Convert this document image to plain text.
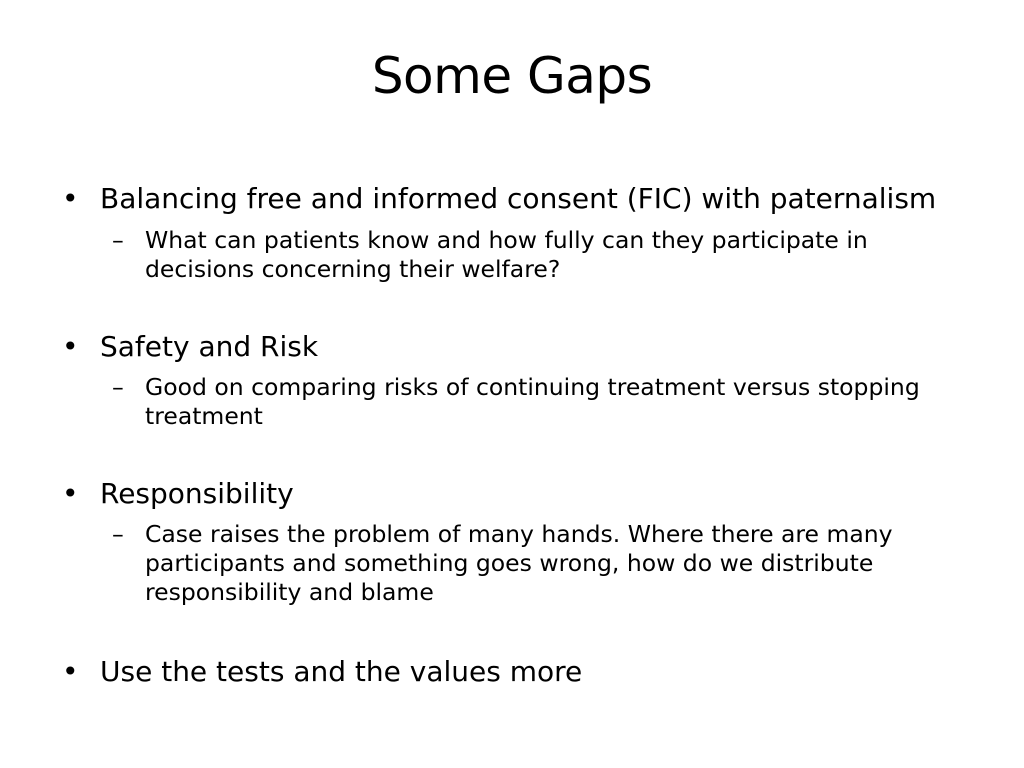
Some Gaps
• Balancing free and informed consent (FIC) with paternalism
– What can patients know and how fully can they participate in decisions concerning their welfare?
• Safety and Risk
– Good on comparing risks of continuing treatment versus stopping treatment
• Responsibility
– Case raises the problem of many hands. Where there are many participants and something goes wrong, how do we distribute responsibility and blame
• Use the tests and the values more
